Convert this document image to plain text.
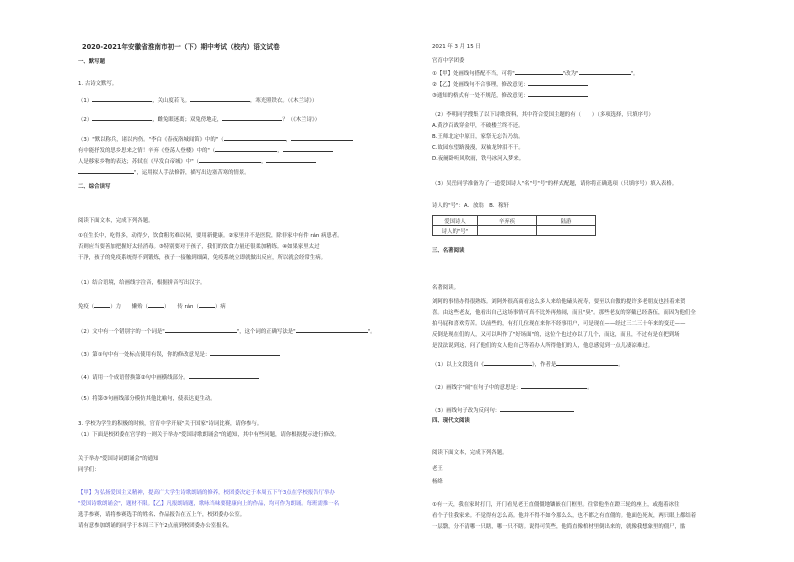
2020-2021年安徽省淮南市初一（下）期中考试（校内）语文试卷
一、默写题
1. 古诗文默写。
（1）	，关山度若飞。	，寒光照铁衣。（《木兰诗》）
（2）	，雌兔眼迷离；双兔傍地走，	？（《木兰诗》）
（3）"默以称兵，诸以内伤。"李白《春夜洛城闻笛》中的"（	，
有中能抒发的思乡思来之情！辛弃《登荡人登楼》中的"（	，
人是移家乡物的表达；苏轼在《早发白帝城》中"（	，
"，运用拟人手法修辞，描写出边塞苦寒的情景。
二、综合读写
阅读下面文本，完成下列各题。
①在生长中，吃得多，动得少，饮食粗劣难以伺，要用新健康。②家里并不是医院，除非家中有件 rán 病患者。
否则应当要善加把握好太轻消毒。③特别要对于孩子，我们的饮食力量还很柔加精练。④如果家里太过
干净，孩子的免疫系统得不到锻炼，孩子一接触到细菌，免疫系统立即就做出反应，所以就会经常生病。
（1）结合语境，给画线字注音，根据拼音写出汉字。
免疫（	）力　　懒殆（	）　　传 rán（	）病
（2）文中有一个错别字的一个词是"	"，这个词的正确写法是"	"。
（3）第①句中有一处标点使用有误，你的修改意见是：
（4）请用一个成语替换第②句中画横线部分。
（5）将第③句画线部分模仿其他比喻句，使表达更生动。
3. 学校为学生的积极的时候，官育中学开展"关于国家"诗词比赛，请你参与。
（1）下面是校团委在官学的一则关于举办"爱国诗歌朗诵会"的通知，其中有些问题，请你根据提示进行修改。
关于举办"爱国诗词朗诵会"的通知
同学们：
【甲】为弘扬爱国主义精神，提高广大学生诗歌朗诵的修养，校团委决定于本周五下午3点在学校报告厅举办
"爱国诗歌朗诵会"，题材不限。【乙】凡报朗诵题，歌咏当味要健康向上的作品，均可作为朗诵。每班需推一名
选手参赛，请将参赛选手的姓名、作品报告在五上午，校团委办公室。
请有意参加朗诵的同学于本周三下午2点前到校团委办公室报名。
2021 年 3 月 15 日
官育中学团委
①【甲】处画线句搭配不当，可将"	"改为"	"。
②【乙】处画线句不合事理，修改意见：
③通知的格式有一处不规范，修改意见：
（2）李明同学搜集了以下诗歌资料，其中符合爱国主题的有（　　）（多项选择，只填序号）
A.黄沙百战穿金甲，不破楼兰终不还。
B.王师北定中原日，家祭无忘告乃翁。
C.故园东望路漫漫，双袖龙钟泪不干。
D.夜阑卧听风吹雨，铁马冰河入梦来。
（3）吴岳同学准备为了一道爱国诗人"名"号"号"的样式配题，请你将正确选项（只填序号）填入表格。
诗人的"号"：A．放翁　B．稼轩
爱国诗人	辛弃疾	陆游
诗人的"号"		
三、名著阅读
名著阅读。
刘阿的事情办得很熟练。刘阿外很高商看这么多人来给他磕头祝寿，要至以自傲的提许多老朋友也挂着来贺
喜。由这些老友，他看出自己这场事情可真不比外再热闹，而且"臭"。那些老友的穿戴已经落伍，而因为他们全
拍马屁和喜欢劳苦。以前些的，有打几位现在来你不经事用户，可是现在——经过三二三十年来的变迁——
反倒是现在们的人，又可以叫作了"好场面"的，这位个也过亦以了几个，而这，而且，不过有是在把到场
是没法说到这，问了他们的女人他自己等着办人所得他们的人，他总感觉到一点儿凄凉难过。
（1）以上文段选自《	》，作者是	。
（2）画线字"闹"在句子中的意思是：	。
（3）画线句子改为反问句：
四、现代文阅读
阅读下面文本，完成下列各题。
老王
杨绛
①有一天，我在家时打门，开门看见老王直僵僵地镶嵌在门框里。往常他坐在蹬三轮的座上，或抱着冰往
看个子往我家来。不觉得有怎么高。他并不得不如今那么么，也不都之有直僵的。他面色死灰，两只眼上都结着
一层翳，分不清哪一只瞎，哪一只不瞎。说得可笑些，他简直像棺材里倒出来的，就像我想象里的僵尸，骷
